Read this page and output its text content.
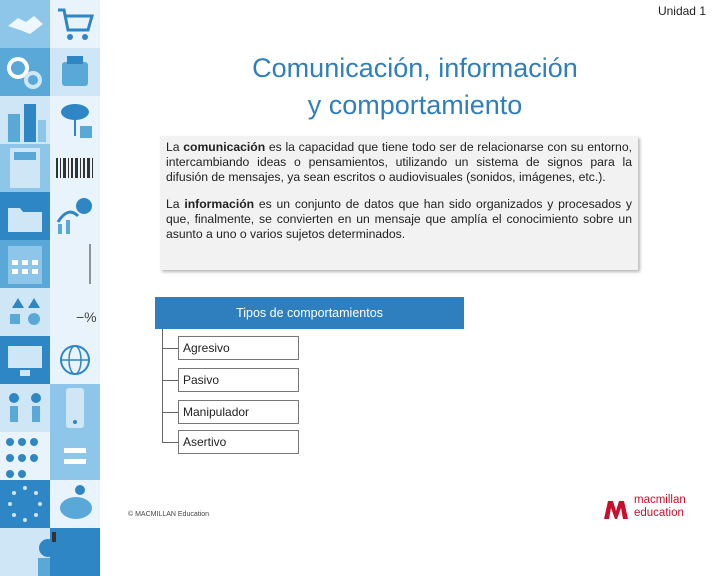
−%
Unidad 1
Comunicación, información
y comportamiento

La comunicación es la capacidad que tiene todo ser de relacionarse con su entorno, intercambiando ideas o pensamientos, utilizando un sistema de signos para la difusión de mensajes, ya sean escritos o audiovisuales (sonidos, imágenes, etc.).

La información es un conjunto de datos que han sido organizados y procesados y que, finalmente, se convierten en un mensaje que amplía el conocimiento sobre un asunto a uno o varios sujetos determinados.

Tipos de comportamientos
Agresivo
Pasivo
Manipulador
Asertivo
© MACMILLAN Education
macmillan
education
